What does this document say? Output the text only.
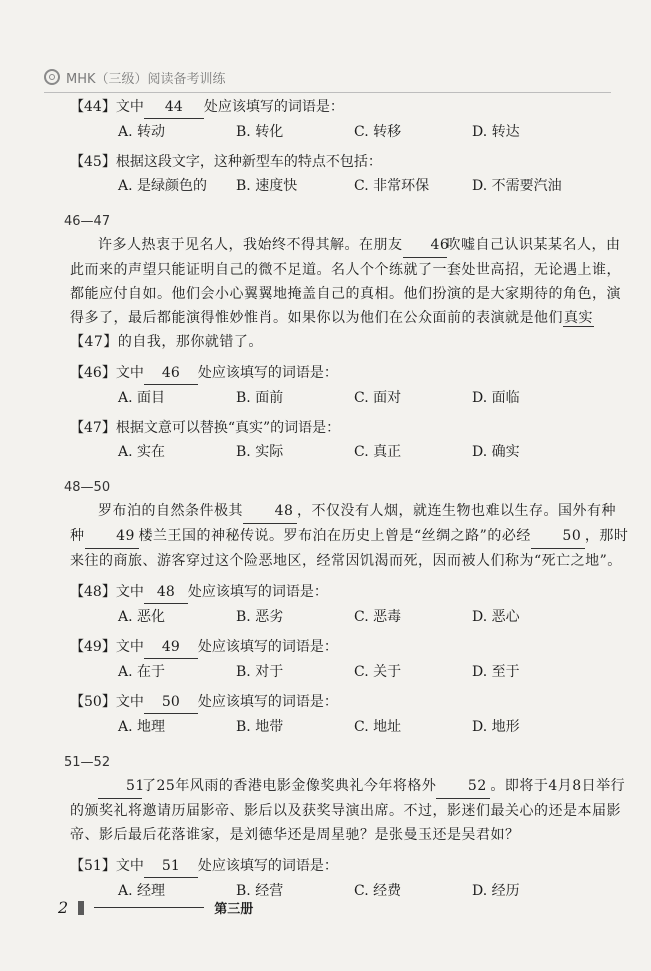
MHK（三级）阅读备考训练
【44】文中 44 处应该填写的词语是：
A. 转动	B. 转化	C. 转移	D. 转达
【45】根据这段文字，这种新型车的特点不包括：
A. 是绿颜色的	B. 速度快	C. 非常环保	D. 不需要汽油
46—47

许多人热衷于见名人，我始终不得其解。在朋友 46吹嘘自己认识某某名人，由此而来的声望只能证明自己的微不足道。名人个个练就了一套处世高招，无论遇上谁，都能应付自如。他们会小心翼翼地掩盖自己的真相。他们扮演的是大家期待的角色，演得多了，最后都能演得惟妙惟肖。如果你以为他们在公众面前的表演就是他们真实【47】的自我，那你就错了。

【46】文中 46 处应该填写的词语是：
A. 面目	B. 面前	C. 面对	D. 面临
【47】根据文意可以替换“真实”的词语是：
A. 实在	B. 实际	C. 真正	D. 确实
48—50

罗布泊的自然条件极其 48 ，不仅没有人烟，就连生物也难以生存。国外有种种 49 楼兰王国的神秘传说。罗布泊在历史上曾是“丝绸之路”的必经 50 ，那时来往的商旅、游客穿过这个险恶地区，经常因饥渴而死，因而被人们称为“死亡之地”。

【48】文中 48 处应该填写的词语是：
A. 恶化	B. 恶劣	C. 恶毒	D. 恶心
【49】文中 49 处应该填写的词语是：
A. 在于	B. 对于	C. 关于	D. 至于
【50】文中 50 处应该填写的词语是：
A. 地理	B. 地带	C. 地址	D. 地形
51—52

51了25年风雨的香港电影金像奖典礼今年将格外 52 。即将于4月8日举行的颁奖礼将邀请历届影帝、影后以及获奖导演出席。不过，影迷们最关心的还是本届影帝、影后最后花落谁家，是刘德华还是周星驰？是张曼玉还是吴君如？

【51】文中 51 处应该填写的词语是：
A. 经理	B. 经营	C. 经费	D. 经历
2	第三册
